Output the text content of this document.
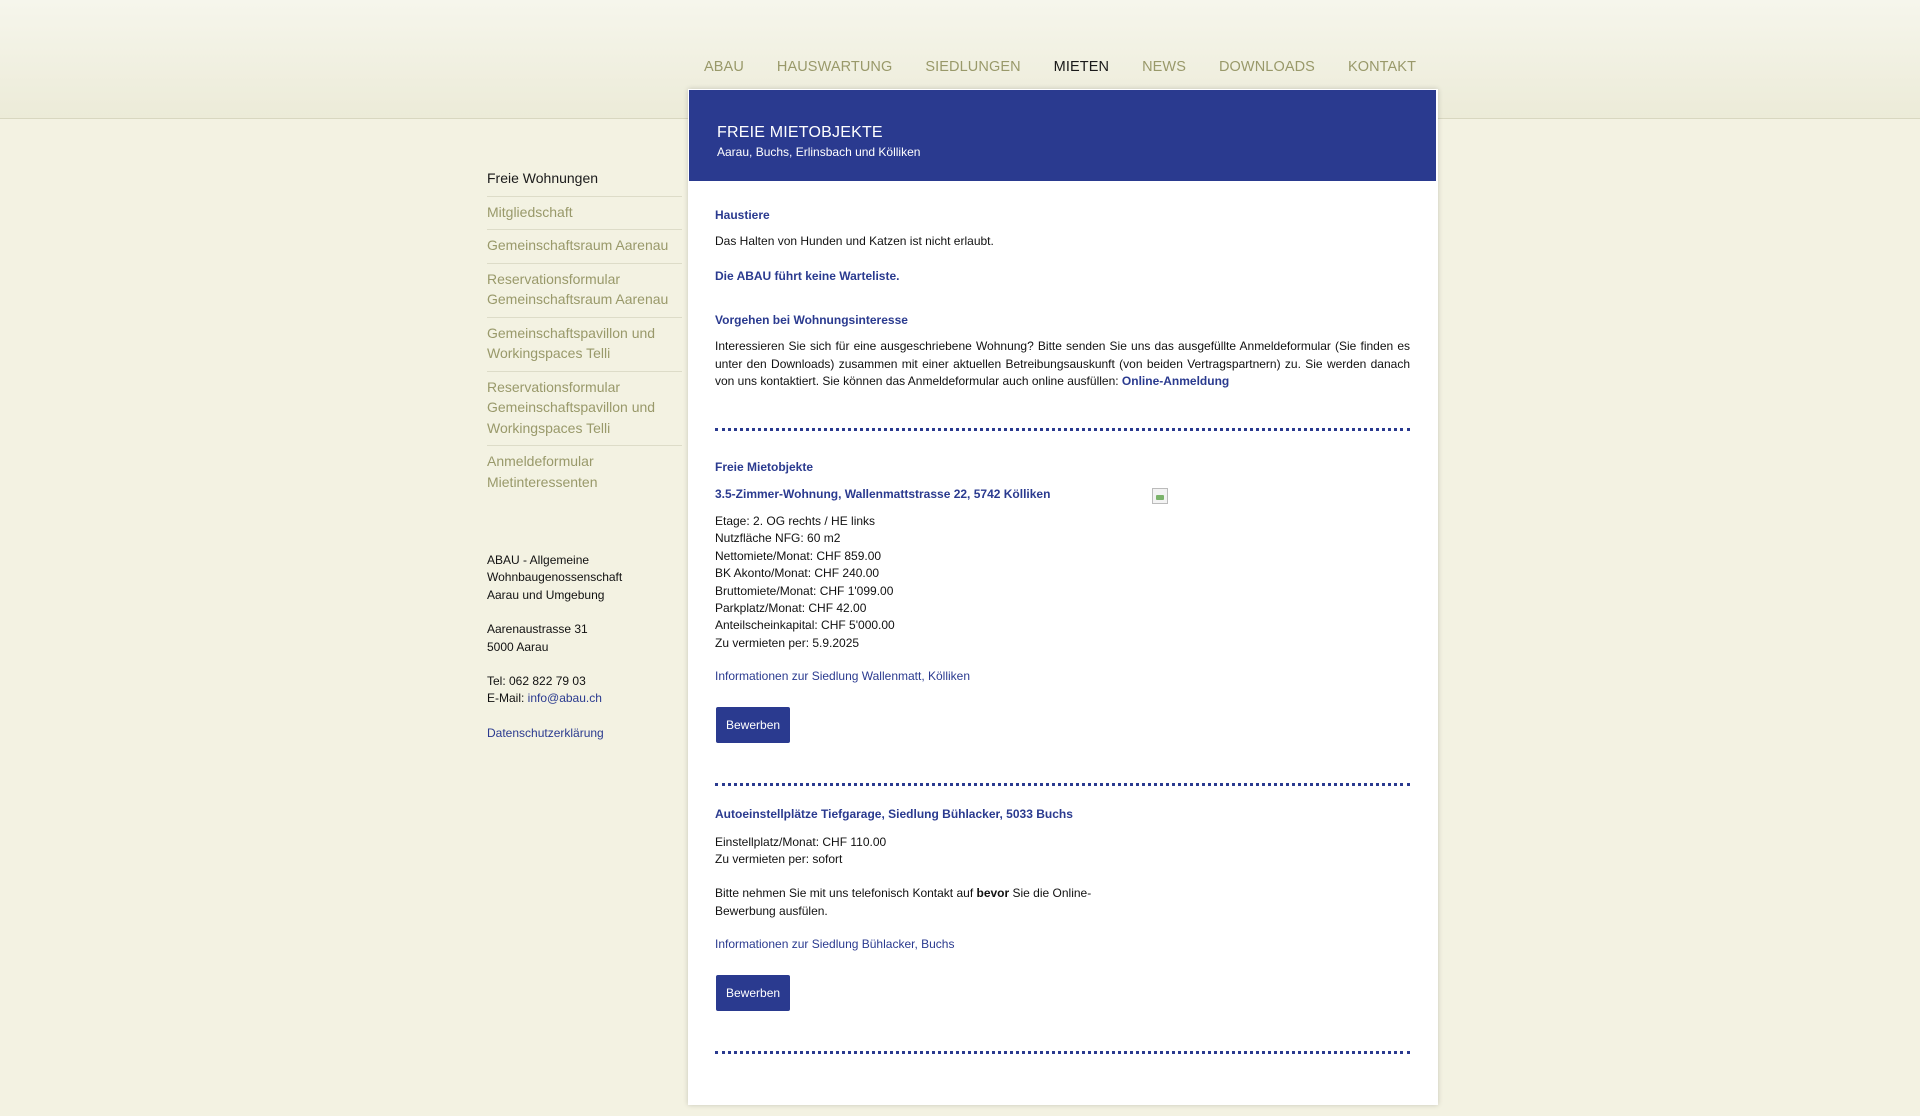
ABAU HAUSWARTUNG SIEDLUNGEN MIETEN NEWS DOWNLOADS KONTAKT
FREIE MIETOBJEKTE
Aarau, Buchs, Erlinsbach und Kölliken
Freie Wohnungen
Mitgliedschaft
Gemeinschaftsraum Aarenau
Reservationsformular Gemeinschaftsraum Aarenau
Gemeinschaftspavillon und Workingspaces Telli
Reservationsformular Gemeinschaftspavillon und Workingspaces Telli
Anmeldeformular Mietinteressenten
ABAU - Allgemeine
Wohnbaugenossenschaft
Aarau und Umgebung
Aarenaustrasse 31
5000 Aarau
Tel: 062 822 79 03
E-Mail: info@abau.ch
Datenschutzerklärung
Haustiere
Das Halten von Hunden und Katzen ist nicht erlaubt.
Die ABAU führt keine Warteliste.
Vorgehen bei Wohnungsinteresse
Interessieren Sie sich für eine ausgeschriebene Wohnung? Bitte senden Sie uns das ausgefüllte Anmeldeformular (Sie finden es unter den Downloads) zusammen mit einer aktuellen Betreibungsauskunft (von beiden Vertragspartnern) zu. Sie werden danach von uns kontaktiert. Sie können das Anmeldeformular auch online ausfüllen: Online-Anmeldung
Freie Mietobjekte
3.5-Zimmer-Wohnung, Wallenmattstrasse 22, 5742 Kölliken
Etage: 2. OG rechts / HE links
Nutzfläche NFG: 60 m2
Nettomiete/Monat: CHF 859.00
BK Akonto/Monat: CHF 240.00
Bruttomiete/Monat: CHF 1'099.00
Parkplatz/Monat: CHF 42.00
Anteilscheinkapital: CHF 5'000.00
Zu vermieten per: 5.9.2025
Informationen zur Siedlung Wallenmatt, Kölliken
Bewerben
Autoeinstellplätze Tiefgarage, Siedlung Bühlacker, 5033 Buchs
Einstellplatz/Monat: CHF 110.00
Zu vermieten per: sofort
Bitte nehmen Sie mit uns telefonisch Kontakt auf bevor Sie die Online-Bewerbung ausfülen.
Informationen zur Siedlung Bühlacker, Buchs
Bewerben
